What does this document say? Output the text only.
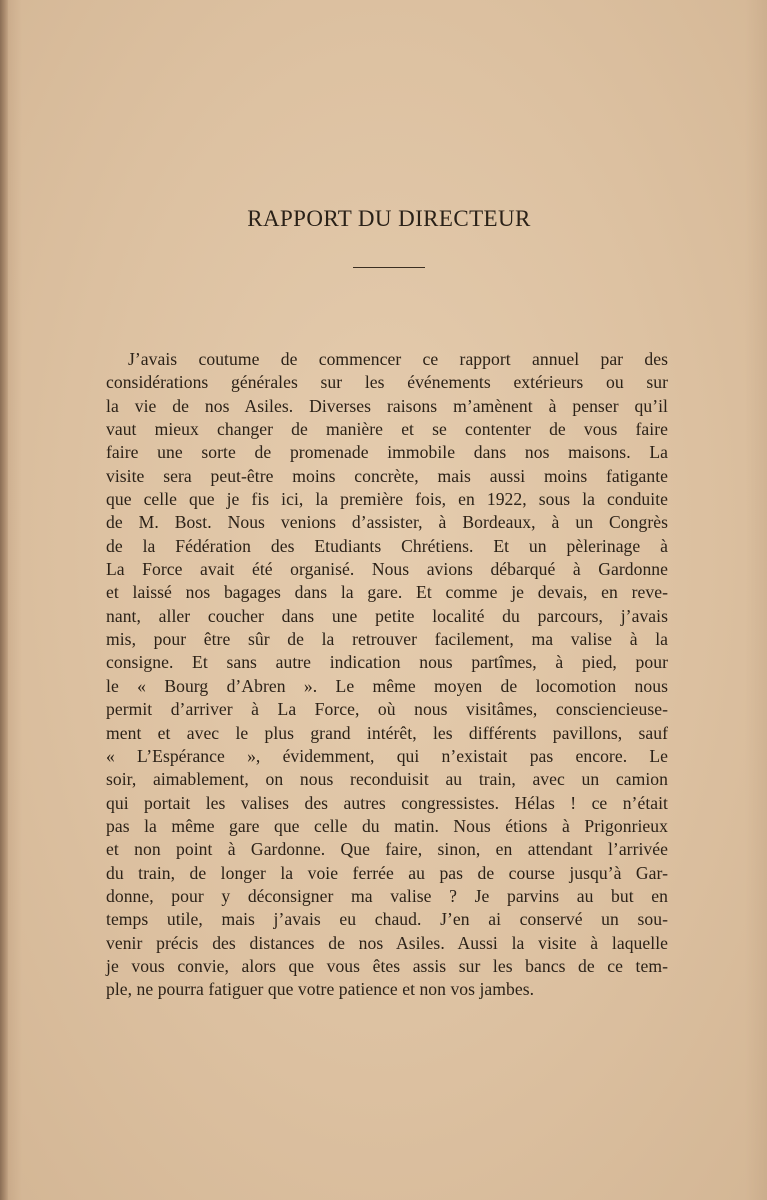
RAPPORT DU DIRECTEUR
J’avais coutume de commencer ce rapport annuel par des
considérations générales sur les événements extérieurs ou sur
la vie de nos Asiles. Diverses raisons m’amènent à penser qu’il
vaut mieux changer de manière et se contenter de vous faire
faire une sorte de promenade immobile dans nos maisons. La
visite sera peut-être moins concrète, mais aussi moins fatigante
que celle que je fis ici, la première fois, en 1922, sous la conduite
de M. Bost. Nous venions d’assister, à Bordeaux, à un Congrès
de la Fédération des Etudiants Chrétiens. Et un pèlerinage à
La Force avait été organisé. Nous avions débarqué à Gardonne
et laissé nos bagages dans la gare. Et comme je devais, en reve-
nant, aller coucher dans une petite localité du parcours, j’avais
mis, pour être sûr de la retrouver facilement, ma valise à la
consigne. Et sans autre indication nous partîmes, à pied, pour
le « Bourg d’Abren ». Le même moyen de locomotion nous
permit d’arriver à La Force, où nous visitâmes, consciencieuse-
ment et avec le plus grand intérêt, les différents pavillons, sauf
« L’Espérance », évidemment, qui n’existait pas encore. Le
soir, aimablement, on nous reconduisit au train, avec un camion
qui portait les valises des autres congressistes. Hélas ! ce n’était
pas la même gare que celle du matin. Nous étions à Prigonrieux
et non point à Gardonne. Que faire, sinon, en attendant l’arrivée
du train, de longer la voie ferrée au pas de course jusqu’à Gar-
donne, pour y déconsigner ma valise ? Je parvins au but en
temps utile, mais j’avais eu chaud. J’en ai conservé un sou-
venir précis des distances de nos Asiles. Aussi la visite à laquelle
je vous convie, alors que vous êtes assis sur les bancs de ce tem-
ple, ne pourra fatiguer que votre patience et non vos jambes.
